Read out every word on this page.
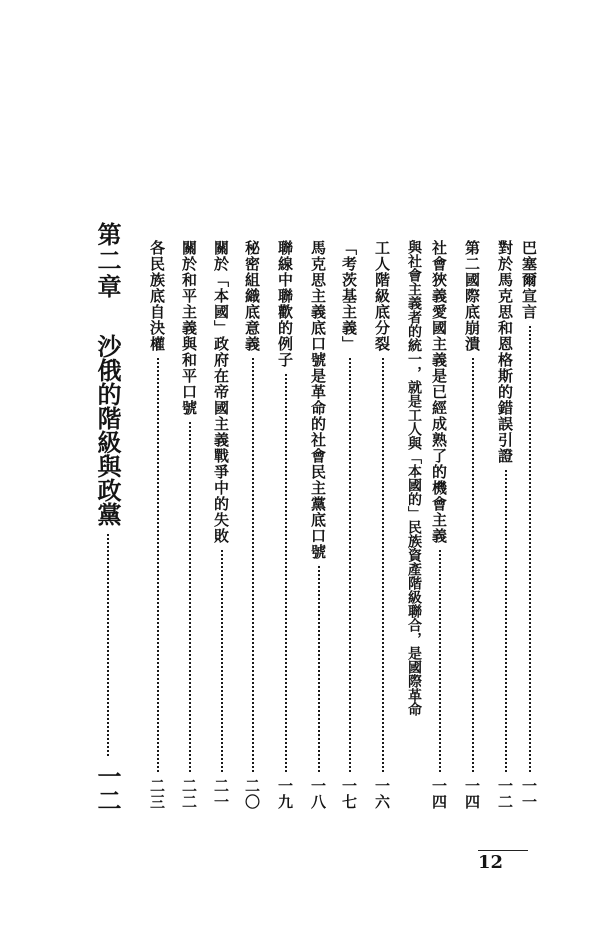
巴塞爾宣言
一一
對於馬克思和恩格斯的錯誤引證
一二
第二國際底崩潰
一四
社會狹義愛國主義是已經成熟了的機會主義
一四
與社會主義者的統一，就是工人與「本國的」民族資產階級聯合，是國際革命
工人階級底分裂
一六
「考茨基主義」
一七
馬克思主義底口號是革命的社會民主黨底口號
一八
聯線中聯歡的例子
一九
秘密組織底意義
二〇
關於「本國」政府在帝國主義戰爭中的失敗
二一
關於和平主義與和平口號
二二
各民族底自決權
二三
第二章
沙俄的階級與政黨
一二
12
